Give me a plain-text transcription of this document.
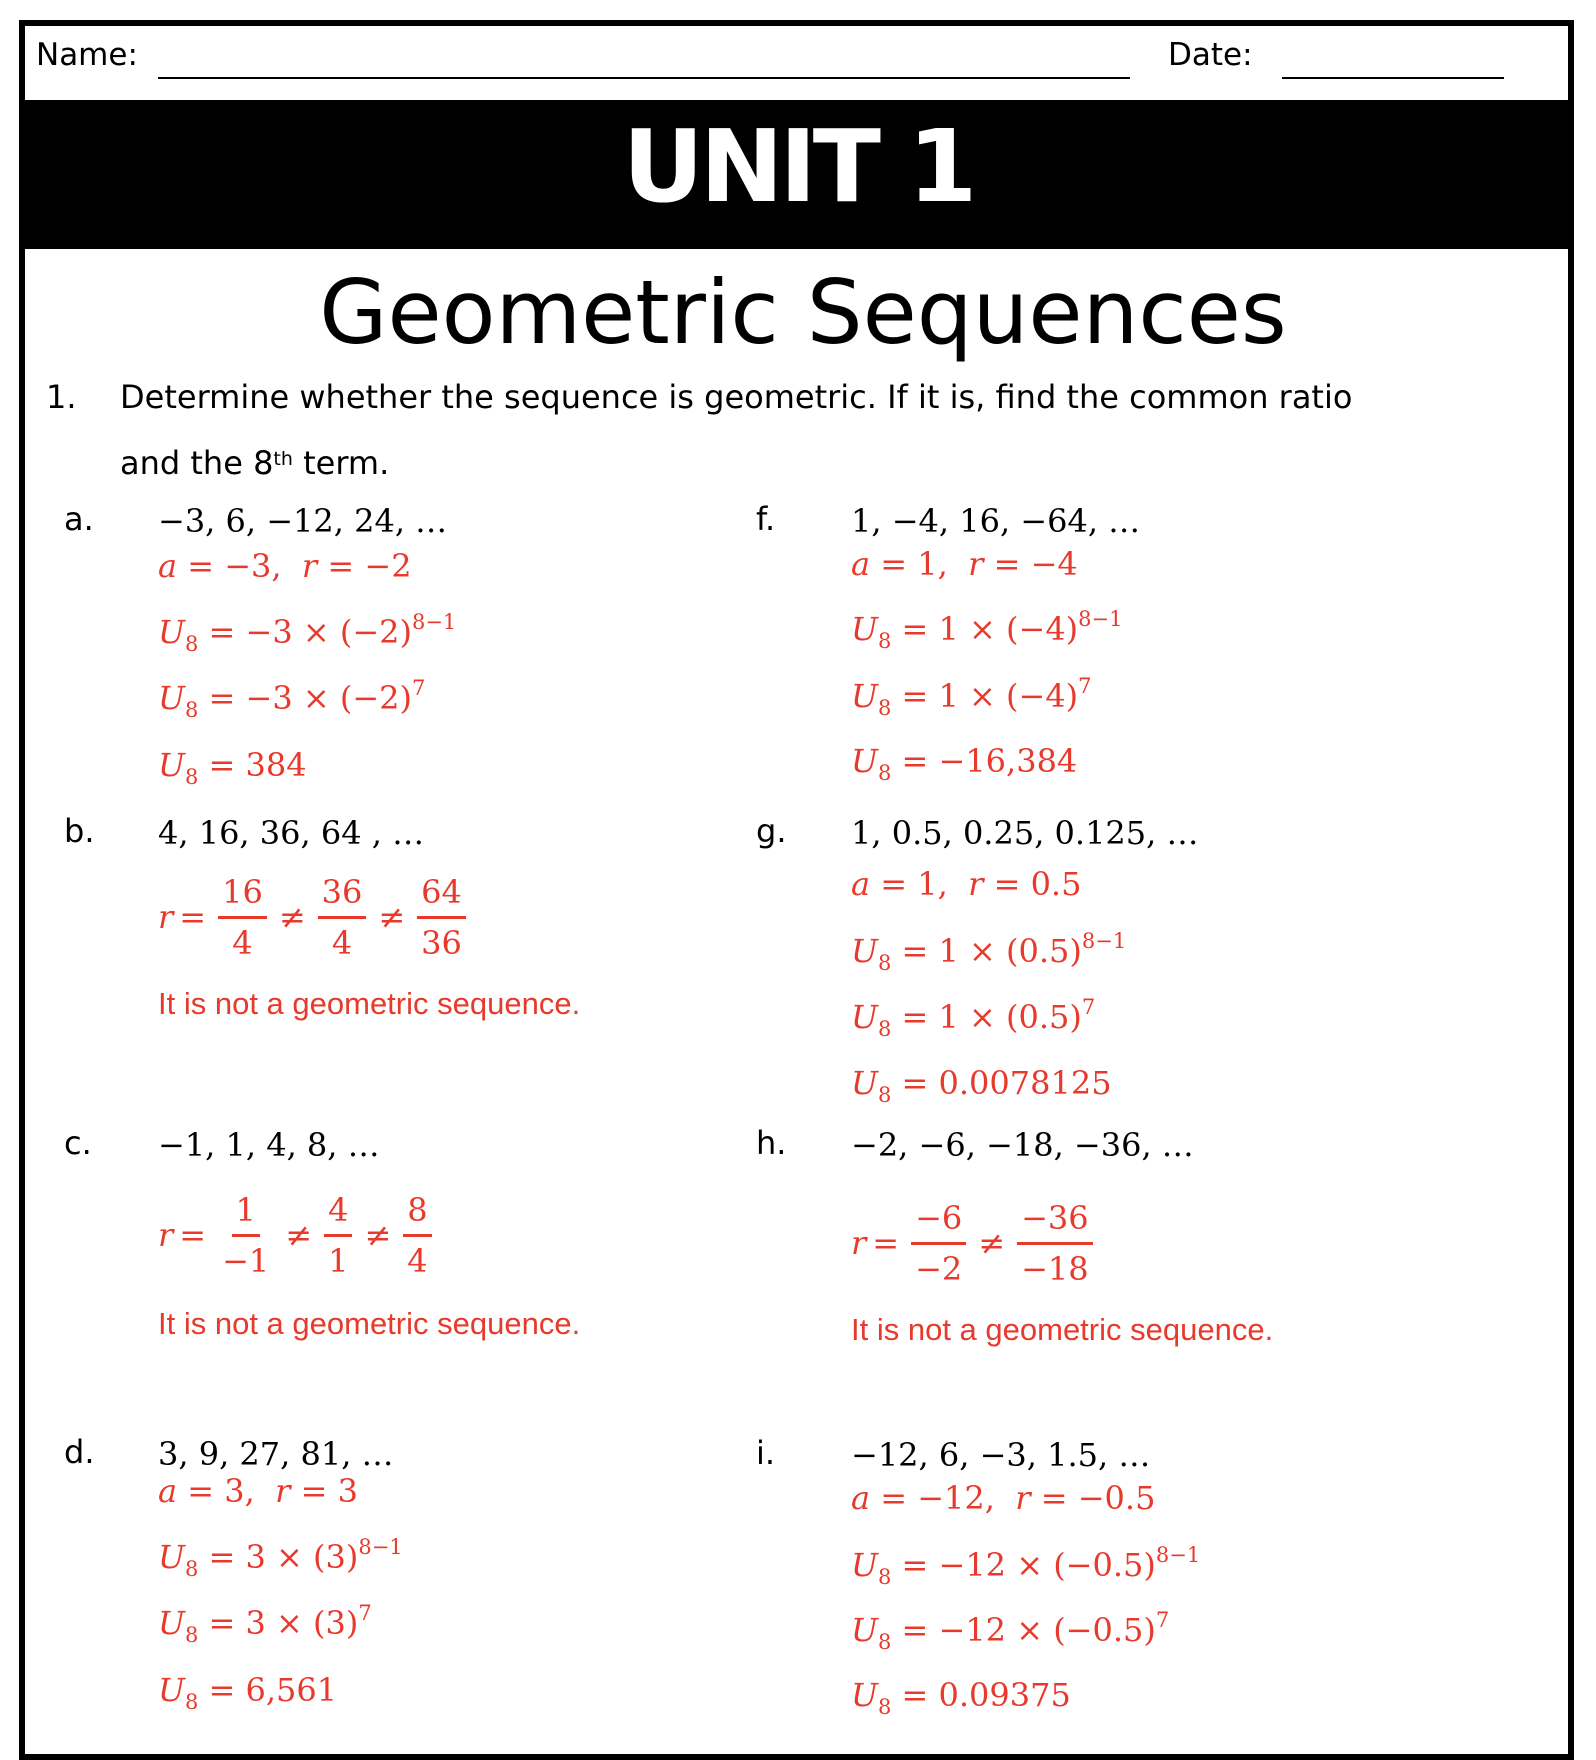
Name:	Date:
UNIT 1
Geometric Sequences
1. Determine whether the sequence is geometric. If it is, find the common ratio
and the 8th term.
a. −3, 6, −12, 24, …
a = −3, r = −2
$U_8 = -3 \times (-2)^{8-1}$
$U_8 = -3 \times (-2)^7$
$U_8 = 384$
b. 4, 16, 36, 64 , …
$r = \frac{16}{4} \ne \frac{36}{4} \ne \frac{64}{36}$
It is not a geometric sequence.
c. −1, 1, 4, 8, …
$r = \frac{1}{-1} \ne \frac{4}{1} \ne \frac{8}{4}$
It is not a geometric sequence.
d. 3, 9, 27, 81, …
a = 3, r = 3
$U_8 = 3 \times (3)^{8-1}$
$U_8 = 3 \times (3)^7$
$U_8 = 6,561$
f. 1, −4, 16, −64, …
a = 1, r = −4
$U_8 = 1 \times (-4)^{8-1}$
$U_8 = 1 \times (-4)^7$
$U_8 = -16,384$
g. 1, 0.5, 0.25, 0.125, …
a = 1, r = 0.5
$U_8 = 1 \times (0.5)^{8-1}$
$U_8 = 1 \times (0.5)^7$
$U_8 = 0.0078125$
h. −2, −6, −18, −36, …
$r = \frac{-6}{-2} \ne \frac{-36}{-18}$
It is not a geometric sequence.
i. −12, 6, −3, 1.5, …
a = −12, r = −0.5
$U_8 = -12 \times (-0.5)^{8-1}$
$U_8 = -12 \times (-0.5)^7$
$U_8 = 0.09375$
